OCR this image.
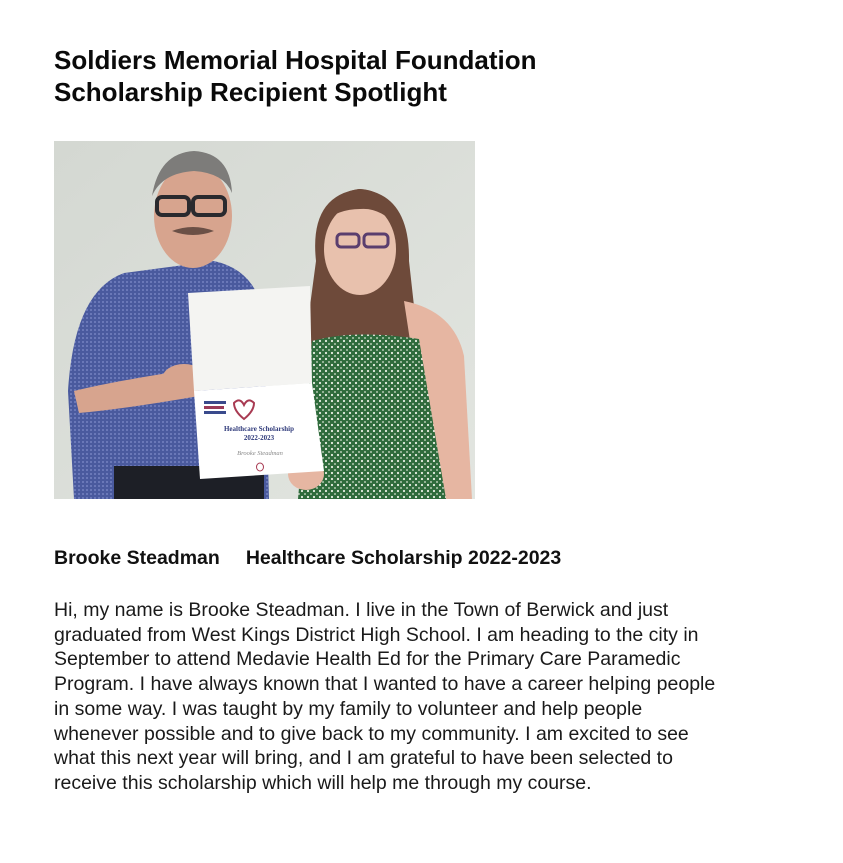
Soldiers Memorial Hospital Foundation
Scholarship Recipient Spotlight
Healthcare Scholarship
2022-2023
Brooke Steadman
Brooke Steadman Healthcare Scholarship 2022-2023

Hi, my name is Brooke Steadman. I live in the Town of Berwick and just
graduated from West Kings District High School. I am heading to the city in
September to attend Medavie Health Ed for the Primary Care Paramedic
Program. I have always known that I wanted to have a career helping people
in some way. I was taught by my family to volunteer and help people
whenever possible and to give back to my community. I am excited to see
what this next year will bring, and I am grateful to have been selected to
receive this scholarship which will help me through my course.
